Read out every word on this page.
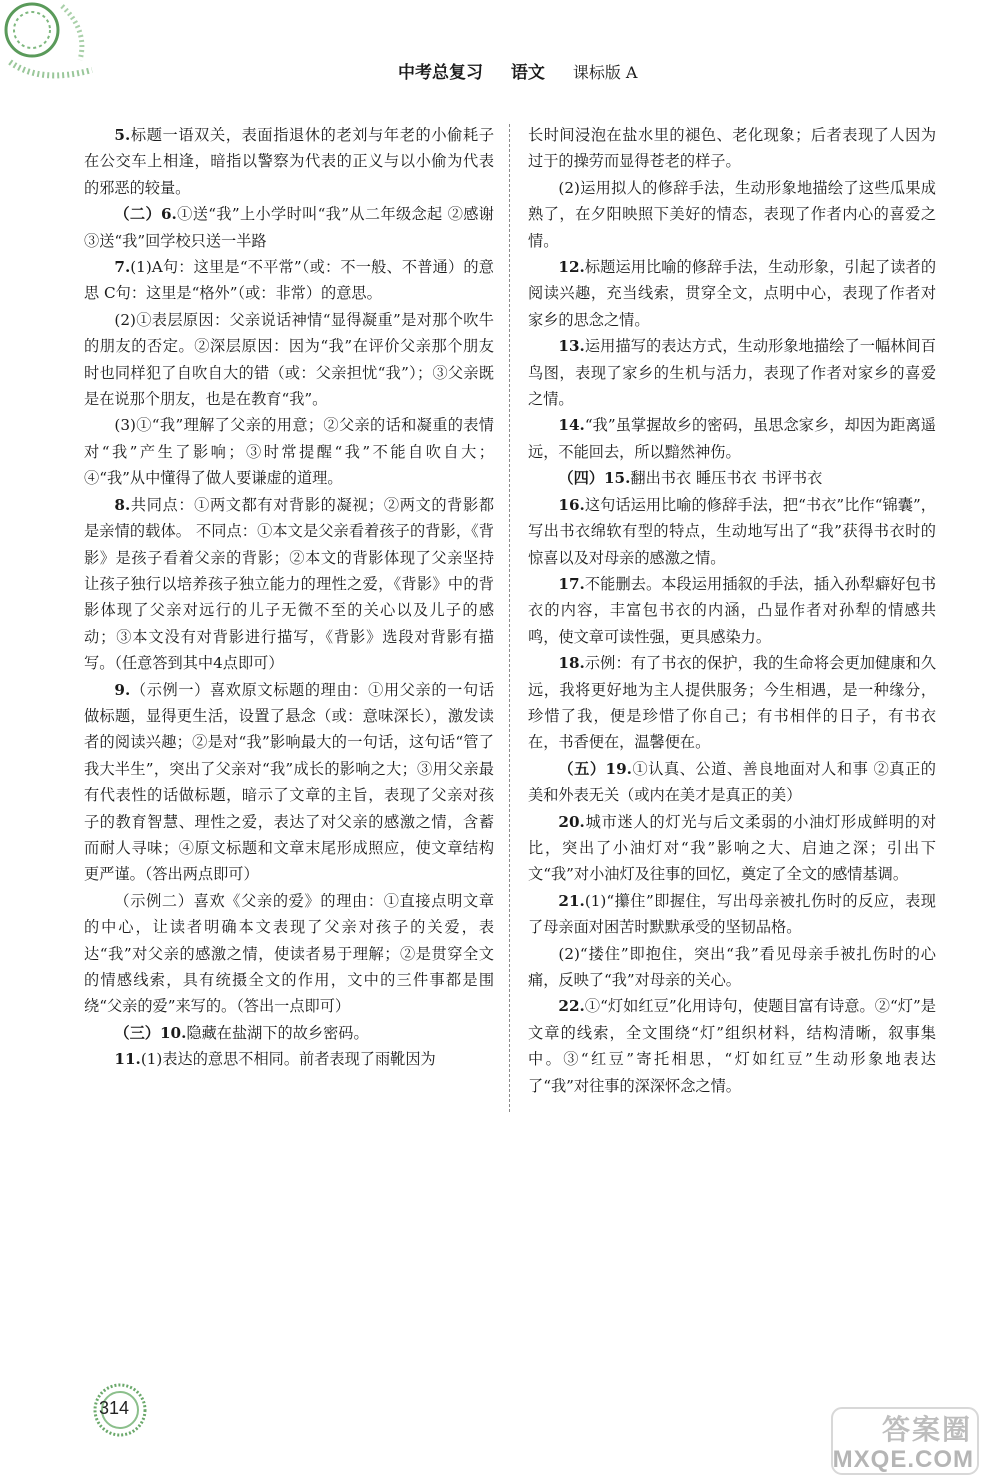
中考总复习 语文 课标版 A

5.标题一语双关，表面指退休的老刘与年老的小偷耗子在公交车上相逢，暗指以警察为代表的正义与以小偷为代表的邪恶的较量。

（二）6.①送“我”上小学时叫“我”从二年级念起 ②感谢 ③送“我”回学校只送一半路

7.(1)A句：这里是“不平常”（或：不一般、不普通）的意思 C句：这里是“格外”（或：非常）的意思。

(2)①表层原因：父亲说话神情“显得凝重”是对那个吹牛的朋友的否定。②深层原因：因为“我”在评价父亲那个朋友时也同样犯了自吹自大的错（或：父亲担忧“我”）；③父亲既是在说那个朋友，也是在教育“我”。

(3)①“我”理解了父亲的用意；②父亲的话和凝重的表情对“我”产生了影响；③时常提醒“我”不能自吹自大；④“我”从中懂得了做人要谦虚的道理。

8.共同点：①两文都有对背影的凝视；②两文的背影都是亲情的载体。 不同点：①本文是父亲看着孩子的背影，《背影》是孩子看着父亲的背影；②本文的背影体现了父亲坚持让孩子独行以培养孩子独立能力的理性之爱，《背影》中的背影体现了父亲对远行的儿子无微不至的关心以及儿子的感动；③本文没有对背影进行描写，《背影》选段对背影有描写。（任意答到其中4点即可）

9.（示例一）喜欢原文标题的理由：①用父亲的一句话做标题，显得更生活，设置了悬念（或：意味深长），激发读者的阅读兴趣；②是对“我”影响最大的一句话，这句话“管了我大半生”，突出了父亲对“我”成长的影响之大；③用父亲最有代表性的话做标题，暗示了文章的主旨，表现了父亲对孩子的教育智慧、理性之爱，表达了对父亲的感激之情，含蓄而耐人寻味；④原文标题和文章末尾形成照应，使文章结构更严谨。（答出两点即可）

（示例二）喜欢《父亲的爱》的理由：①直接点明文章的中心，让读者明确本文表现了父亲对孩子的关爱，表达“我”对父亲的感激之情，使读者易于理解；②是贯穿全文的情感线索，具有统摄全文的作用，文中的三件事都是围绕“父亲的爱”来写的。（答出一点即可）

（三）10.隐藏在盐湖下的故乡密码。

11.(1)表达的意思不相同。前者表现了雨靴因为

长时间浸泡在盐水里的褪色、老化现象；后者表现了人因为过于的操劳而显得苍老的样子。

(2)运用拟人的修辞手法，生动形象地描绘了这些瓜果成熟了，在夕阳映照下美好的情态，表现了作者内心的喜爱之情。

12.标题运用比喻的修辞手法，生动形象，引起了读者的阅读兴趣，充当线索，贯穿全文，点明中心，表现了作者对家乡的思念之情。

13.运用描写的表达方式，生动形象地描绘了一幅林间百鸟图，表现了家乡的生机与活力，表现了作者对家乡的喜爱之情。

14.“我”虽掌握故乡的密码，虽思念家乡，却因为距离遥远，不能回去，所以黯然神伤。

（四）15.翻出书衣 睡压书衣 书评书衣

16.这句话运用比喻的修辞手法，把“书衣”比作“锦囊”，写出书衣绵软有型的特点，生动地写出了“我”获得书衣时的惊喜以及对母亲的感激之情。

17.不能删去。本段运用插叙的手法，插入孙犁癖好包书衣的内容，丰富包书衣的内涵，凸显作者对孙犁的情感共鸣，使文章可读性强，更具感染力。

18.示例：有了书衣的保护，我的生命将会更加健康和久远，我将更好地为主人提供服务；今生相遇，是一种缘分，珍惜了我，便是珍惜了你自己；有书相伴的日子，有书衣在，书香便在，温馨便在。

（五）19.①认真、公道、善良地面对人和事 ②真正的美和外表无关（或内在美才是真正的美）

20.城市迷人的灯光与后文柔弱的小油灯形成鲜明的对比，突出了小油灯对“我”影响之大、启迪之深；引出下文“我”对小油灯及往事的回忆，奠定了全文的感情基调。

21.(1)“攥住”即握住，写出母亲被扎伤时的反应，表现了母亲面对困苦时默默承受的坚韧品格。

(2)“搂住”即抱住，突出“我”看见母亲手被扎伤时的心痛，反映了“我”对母亲的关心。

22.①“灯如红豆”化用诗句，使题目富有诗意。②“灯”是文章的线索，全文围绕“灯”组织材料，结构清晰，叙事集中。③“红豆”寄托相思，“灯如红豆”生动形象地表达了“我”对往事的深深怀念之情。

314
答案圈
MXQE.COM
